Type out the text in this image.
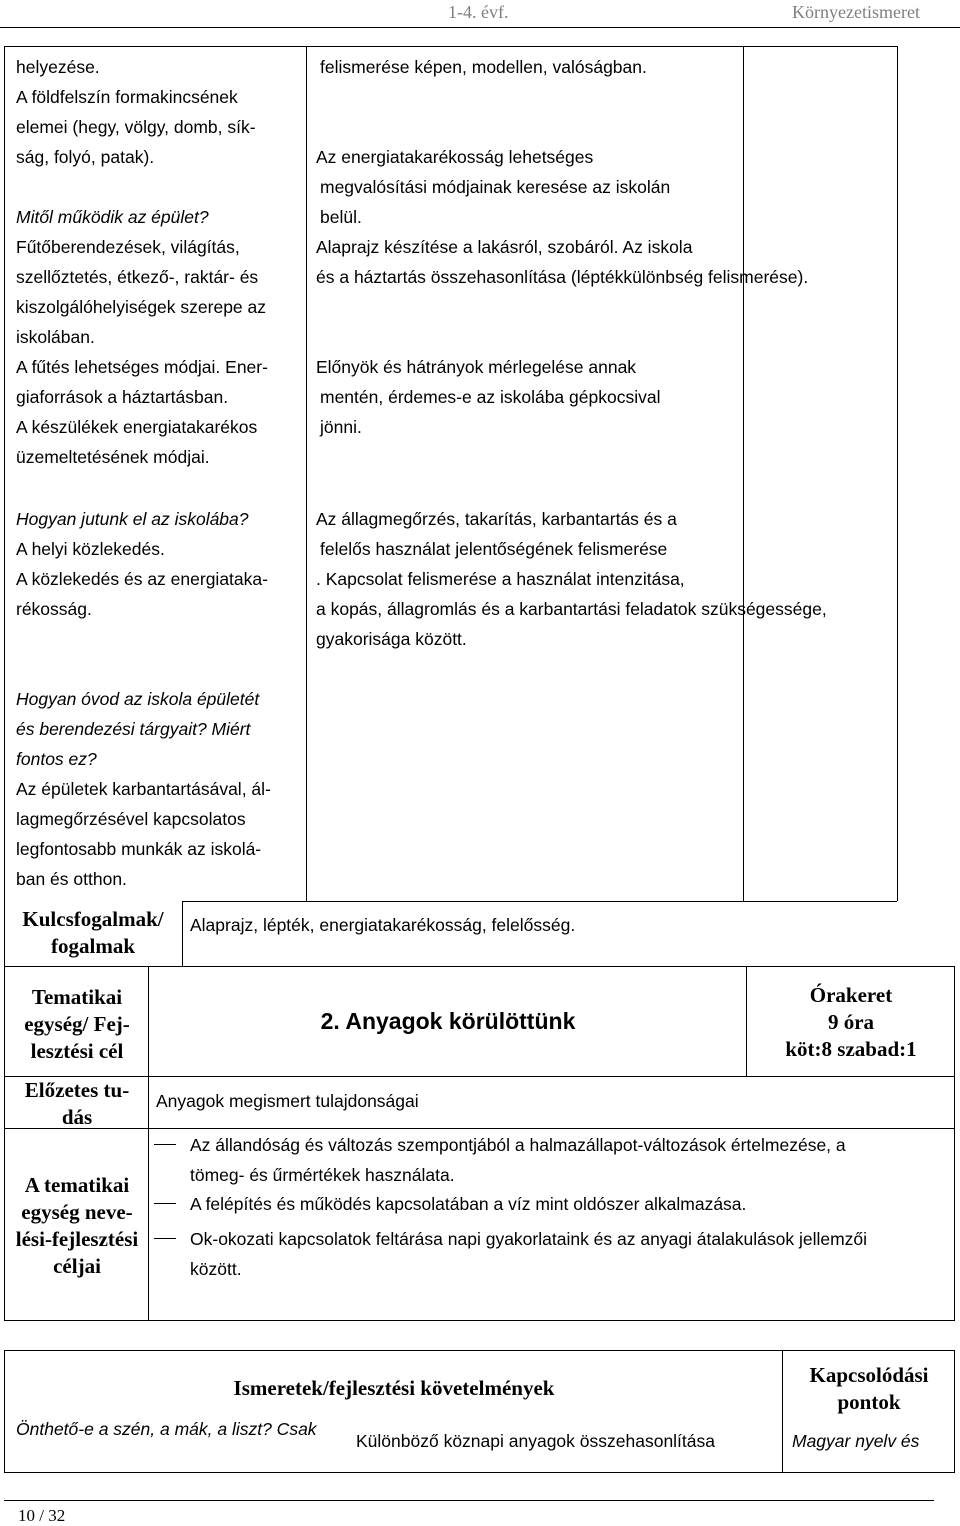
1-4. évf.	Környezetismeret
helyezése.
A földfelszín formakincsének
elemei (hegy, völgy, domb, sík-
ság, folyó, patak).
Mitől működik az épület?
Fűtőberendezések, világítás,
szellőztetés, étkező-, raktár- és
kiszolgálóhelyiségek szerepe az
iskolában.
A fűtés lehetséges módjai. Ener-
giaforrások a háztartásban.
A készülékek energiatakarékos
üzemeltetésének módjai.
felismerése képen, modellen, valóságban.
Az energiatakarékosság lehetséges
megvalósítási módjainak keresése az iskolán
belül.
Alaprajz készítése a lakásról, szobáról. Az iskola
és a háztartás összehasonlítása (léptékkülönbség felismerése).
Előnyök és hátrányok mérlegelése annak
mentén, érdemes-e az iskolába gépkocsival
jönni.
Hogyan jutunk el az iskolába?
A helyi közlekedés.
A közlekedés és az energiataka-
rékosság.
Az állagmegőrzés, takarítás, karbantartás és a
felelős használat jelentőségének felismerése
. Kapcsolat felismerése a használat intenzitása,
a kopás, állagromlás és a karbantartási feladatok szükségessége,
gyakorisága között.
Hogyan óvod az iskola épületét
és berendezési tárgyait? Miért
fontos ez?
Az épületek karbantartásával, ál-
lagmegőrzésével kapcsolatos
legfontosabb munkák az iskolá-
ban és otthon.
Kulcsfogalmak/ fogalmak
Alaprajz, lépték, energiatakarékosság, felelősség.
Tematikai egység/ Fej-lesztési cél
2. Anyagok körülöttünk
Órakeret
9 óra
köt:8 szabad:1
Előzetes tu-dás
Anyagok megismert tulajdonságai
A tematikai egység neve-lési-fejlesztési céljai
Az állandóság és változás szempontjából a halmazállapot-változások értelmezése, a
tömeg- és űrmértékek használata.
A felépítés és működés kapcsolatában a víz mint oldószer alkalmazása.
Ok-okozati kapcsolatok feltárása napi gyakorlataink és az anyagi átalakulások jellemzői
között.
Ismeretek/fejlesztési követelmények
Kapcsolódási pontok
Önthető-e a szén, a mák, a liszt? Csak
Különböző köznapi anyagok összehasonlítása	Magyar nyelv és
10 / 32
